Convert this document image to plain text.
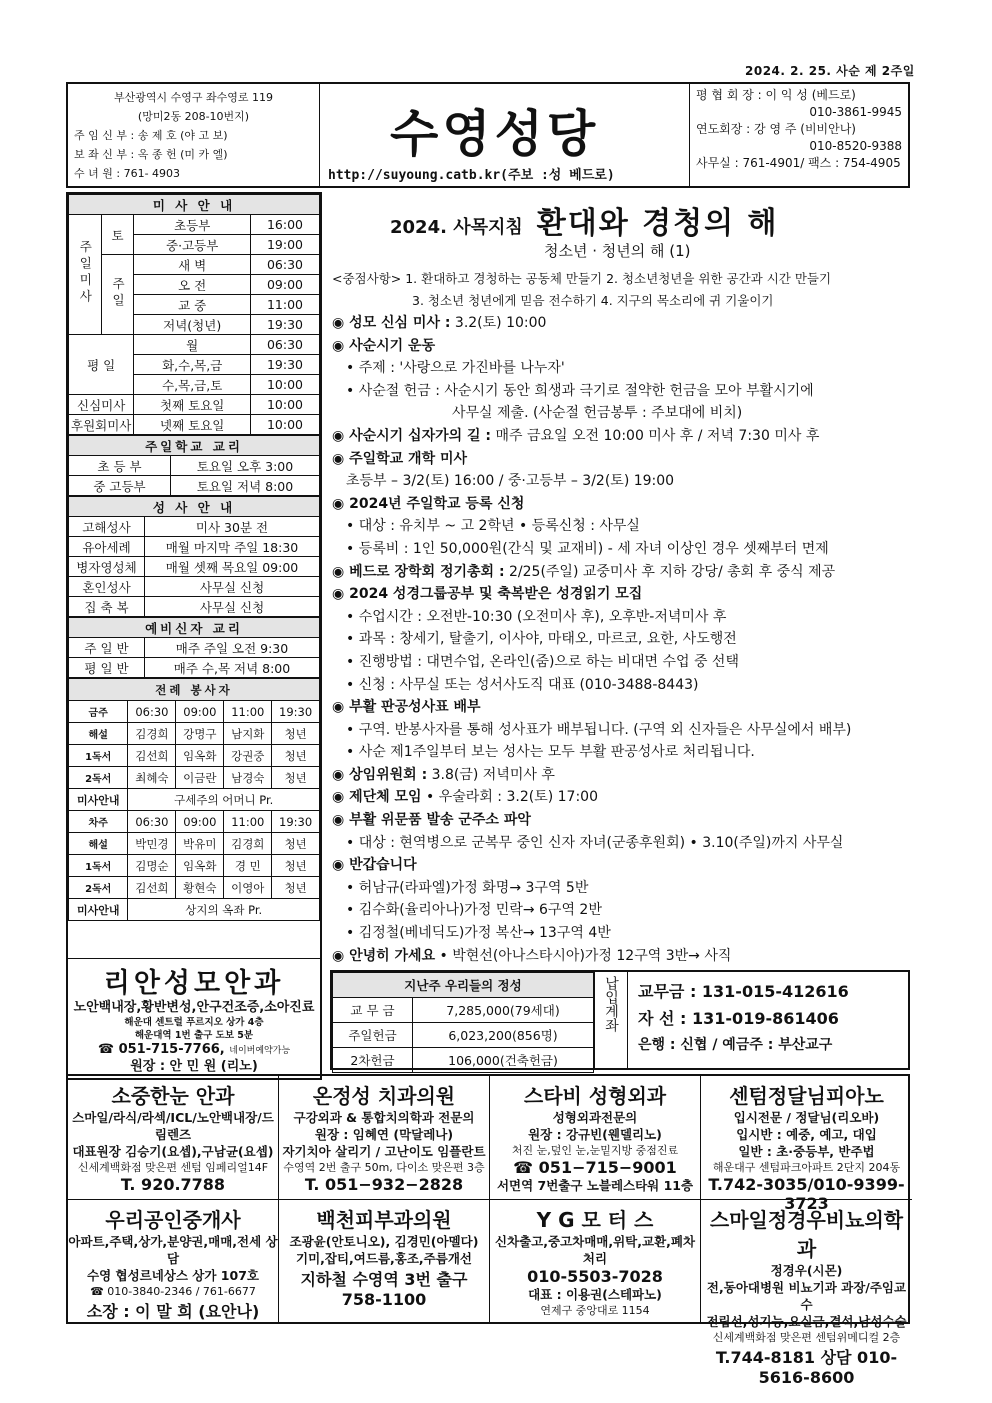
2024. 2. 25. 사순 제 2주일
부산광역시 수영구 좌수영로 119
(망미2동 208-10번지)
주 임 신 부 :
송 제 호 (야 고 보)
보 좌 신 부 :
옥 종 헌 (미 카 엘)
수 녀 원 :
761- 4903
수영성당
http://suyoung.catb.kr(주보 :성 베드로)
평 협 회 장 : 이 익 성 (베드로)
010-3861-9945
연도회장 : 강 영 주 (비비안나)
010-8520-9388
사무실 : 761-4901/ 팩스 : 754-4905
미 사 안 내			
주일미사	토	초등부	16:00
		중·고등부	19:00
	주일	새 벽	06:30
		오 전	09:00
		교 중	11:00
		저녁(청년)	19:30
평 일		월	06:30
		화,수,목,금	19:30
		수,목,금,토	10:00
신심미사		첫째 토요일	10:00
후원회미사		넷째 토요일	10:00
주일학교 교리	
초 등 부	토요일 오후 3:00
중 고등부	토요일 저녁 8:00
성 사 안 내	
고해성사	미사 30분 전
유아세례	매월 마지막 주일 18:30
병자영성체	매월 셋째 목요일 09:00
혼인성사	사무실 신청
집 축 복	사무실 신청
예비신자 교리	
주 일 반	매주 주일 오전 9:30
평 일 반	매주 수,목 저녁 8:00
전례 봉사자				
금주	06:30	09:00	11:00	19:30
해설	김경희	강명구	남지화	청년
1독서	김선희	임옥화	강권중	청년
2독서	최혜숙	이금란	남경숙	청년
미사안내	구세주의 어머니 Pr.			
차주	06:30	09:00	11:00	19:30
해설	박민경	박유미	김경희	청년
1독서	김명순	임옥화	경 민	청년
2독서	김선희	황현숙	이영아	청년
미사안내	상지의 옥좌 Pr.			
리안성모안과
노안백내장,황반변성,안구건조증,소아진료
해운대 센트럴 푸르지오 상가 4층
해운대역 1번 출구 도보 5분
☎ 051-715-7766, 네이버예약가능
원장 : 안 민 원 (리노)
2024. 사목지침 환대와 경청의 해
청소년 · 청년의 해 (1)
<중점사항> 1. 환대하고 경청하는 공동체 만들기 2. 청소년청년을 위한 공간과 시간 만들기
3. 청소년 청년에게 믿음 전수하기 4. 지구의 목소리에 귀 기울이기
◉ 성모 신심 미사 : 3.2(토) 10:00
◉ 사순시기 운동
• 주제 : '사랑으로 가진바를 나누자'
• 사순절 헌금 : 사순시기 동안 희생과 극기로 절약한 헌금을 모아 부활시기에
사무실 제출. (사순절 헌금봉투 : 주보대에 비치)
◉ 사순시기 십자가의 길 : 매주 금요일 오전 10:00 미사 후 / 저녁 7:30 미사 후
◉ 주일학교 개학 미사
초등부 – 3/2(토) 16:00 / 중·고등부 – 3/2(토) 19:00
◉ 2024년 주일학교 등록 신청
• 대상 : 유치부 ~ 고 2학년 • 등록신청 : 사무실
• 등록비 : 1인 50,000원(간식 및 교재비) - 세 자녀 이상인 경우 셋째부터 면제
◉ 베드로 장학회 정기총회 : 2/25(주일) 교중미사 후 지하 강당/ 총회 후 중식 제공
◉ 2024 성경그룹공부 및 축복받은 성경읽기 모집
• 수업시간 : 오전반-10:30 (오전미사 후), 오후반-저녁미사 후
• 과목 : 창세기, 탈출기, 이사야, 마태오, 마르코, 요한, 사도행전
• 진행방법 : 대면수업, 온라인(줌)으로 하는 비대면 수업 중 선택
• 신청 : 사무실 또는 성서사도직 대표 (010-3488-8443)
◉ 부활 판공성사표 배부
• 구역. 반봉사자를 통해 성사표가 배부됩니다. (구역 외 신자들은 사무실에서 배부)
• 사순 제1주일부터 보는 성사는 모두 부활 판공성사로 처리됩니다.
◉ 상임위원회 : 3.8(금) 저녁미사 후
◉ 제단체 모임 • 우술라회 : 3.2(토) 17:00
◉ 부활 위문품 발송 군주소 파악
• 대상 : 현역병으로 군복무 중인 신자 자녀(군종후원회) • 3.10(주일)까지 사무실
◉ 반갑습니다
• 허남규(라파엘)가정 화명→ 3구역 5반
• 김수화(율리아나)가정 민락→ 6구역 2반
• 김정철(베네딕도)가정 복산→ 13구역 4반
◉ 안녕히 가세요 • 박현선(아나스타시아)가정 12구역 3반→ 사직
지난주 우리들의 정성	
교 무 금	7,285,000(79세대)
주일헌금	6,023,200(856명)
2차헌금	106,000(건축헌금)
납입계좌	교무금 : 131-015-412616
자 선 : 131-019-861406
은행 : 신협 / 예금주 : 부산교구
소중한눈 안과
스마일/라식/라섹/ICL/노안백내장/드림렌즈
대표원장 김승기(요셉),구남균(요셉)
신세계백화점 맞은편 센텀 임페리얼14F
T. 920.7788
온정성 치과의원
구강외과 & 통합치의학과 전문의
원장 : 임혜연 (막달레나)
자기치아 살리기 / 고난이도 임플란트
수영역 2번 출구 50m, 다이소 맞은편 3층
T. 051−932−2828
스타비 성형외과
성형외과전문의
원장 : 강규빈(웬델리노)
처진 눈,덮인 눈,눈밑지방 중점진료
☎ 051−715−9001
서면역 7번출구 노블레스타워 11층
센텀정달님피아노
입시전문 / 정달님(리오바)
입시반 : 예중, 예고, 대입
일반 : 초·중등부, 반주법
해운대구 센텀파크아파트 2단지 204동
T.742-3035/010-9399-3723
우리공인중개사
아파트,주택,상가,분양권,매매,전세 상담
수영 협성르네상스 상가 107호
☎ 010-3840-2346 / 761-6677
소장 : 이 말 희 (요안나)
백천피부과의원
조광윤(안토니오), 김경민(아멜다)
기미,잡티,여드름,홍조,주름개선
지하철 수영역 3번 출구 758-1100
Y G 모 터 스
신차출고,중고차매매,위탁,교환,폐차처리
010-5503-7028
대표 : 이용권(스테파노)
연제구 중앙대로 1154
스마일정경우비뇨의학과
정경우(시몬)
전,동아대병원 비뇨기과 과장/주임교수
전립선,성기능,요실금,결석,남성수술
신세계백화점 맞은편 센텀위메디컬 2층
T.744-8181 상담 010-5616-8600
